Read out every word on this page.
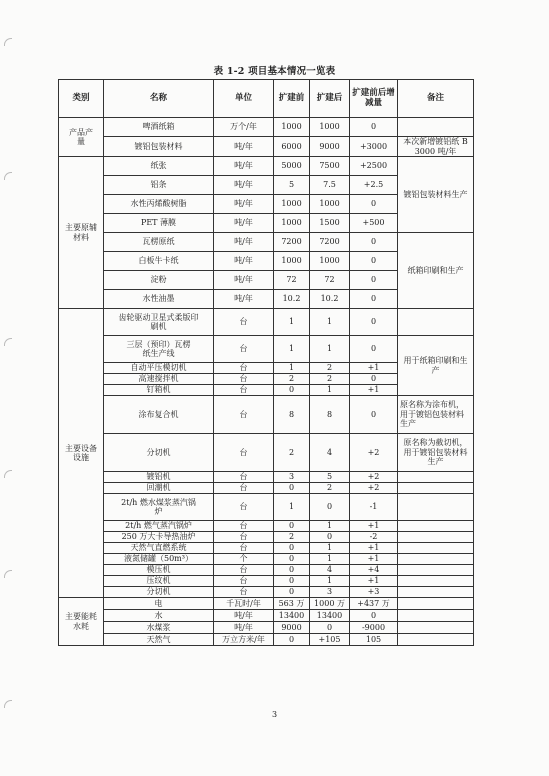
表 1-2 项目基本情况一览表
类别	名称	单位	扩建前	扩建后	扩建前后增减量	备注
产品产量	啤酒纸箱	万个/年	1000	1000	0	
	镀铝包装材料	吨/年	6000	9000	+3000	本次新增镀铝纸 B 3000 吨/年
主要原辅材料	纸张	吨/年	5000	7500	+2500	镀铝包装材料生产
	铝条	吨/年	5	7.5	+2.5	
	水性丙烯酸树脂	吨/年	1000	1000	0	
	PET 薄膜	吨/年	1000	1500	+500	
	瓦楞原纸	吨/年	7200	7200	0	纸箱印刷和生产
	白板牛卡纸	吨/年	1000	1000	0	
	淀粉	吨/年	72	72	0	
	水性油墨	吨/年	10.2	10.2	0	
主要设备设施	齿轮驱动卫星式柔版印刷机	台	1	1	0	
	三层（预印）瓦楞纸生产线	台	1	1	0	用于纸箱印刷和生产
	自动平压模切机	台	1	2	+1	
	高速搅拌机	台	2	2	0	
	钉箱机	台	0	1	+1	
	涂布复合机	台	8	8	0	原名称为涂布机，用于镀铝包装材料生产
	分切机	台	2	4	+2	原名称为截切机，用于镀铝包装材料生产
	镀铝机	台	3	5	+2	
	回潮机	台	0	2	+2	
	2t/h 燃水煤浆蒸汽锅炉	台	1	0	-1	
	2t/h 燃气蒸汽锅炉	台	0	1	+1	
	250 万大卡导热油炉	台	2	0	-2	
	天然气直燃系统	台	0	1	+1	
	液氮储罐（50m³）	个	0	1	+1	
	模压机	台	0	4	+4	
	压纹机	台	0	1	+1	
	分切机	台	0	3	+3	
主要能耗水耗	电	千瓦时/年	563 万	1000 万	+437 万	
	水	吨/年	13400	13400	0	
	水煤浆	吨/年	9000	0	-9000	
	天然气	万立方米/年	0	+105	105	
3
